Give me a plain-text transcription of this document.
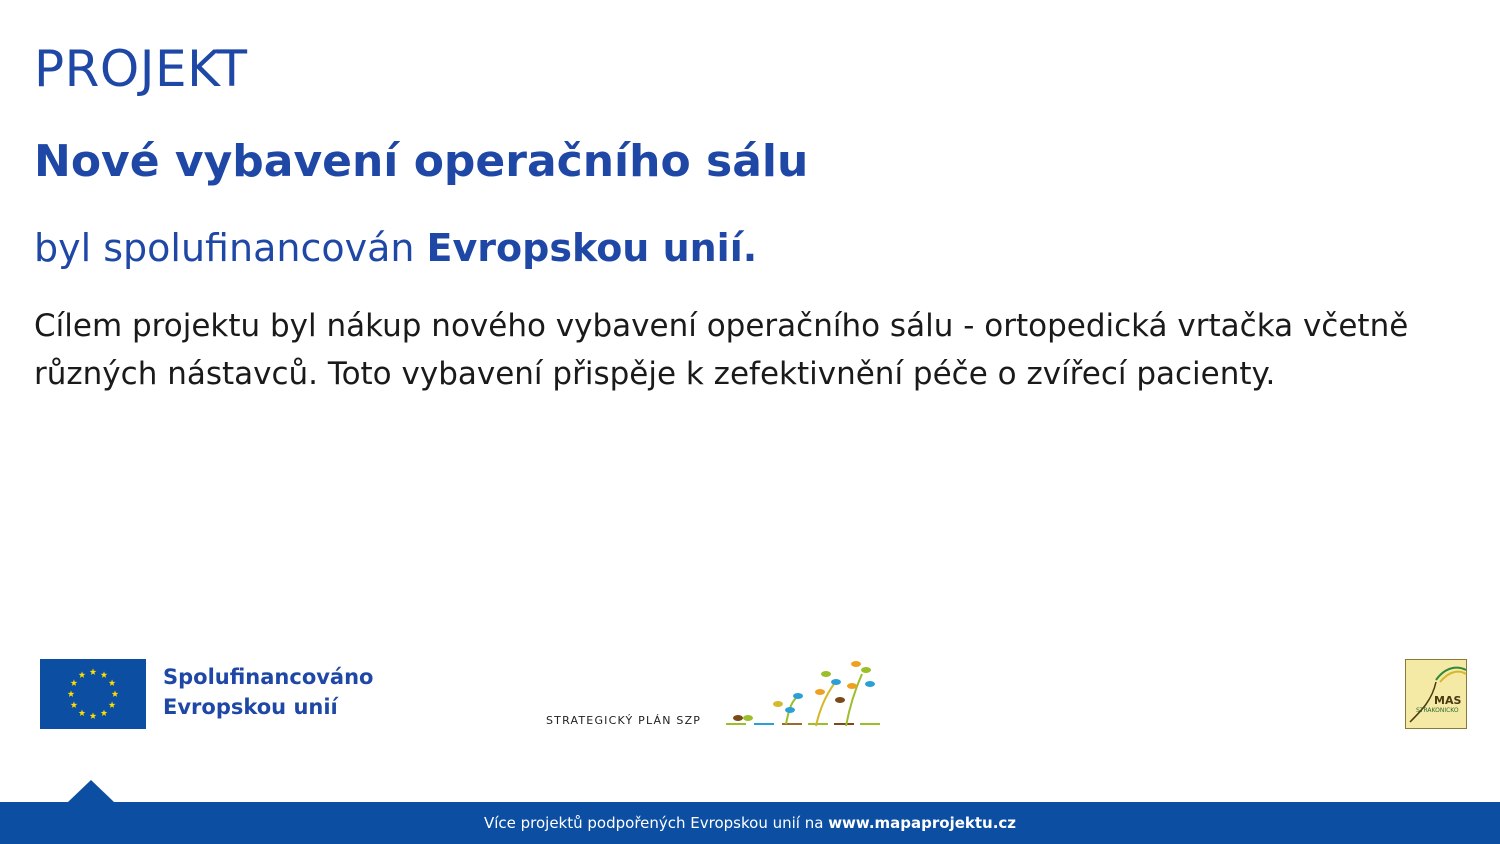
PROJEKT
Nové vybavení operačního sálu
byl spolufinancován Evropskou unií.
Cílem projektu byl nákup nového vybavení operačního sálu - ortopedická vrtačka včetně různých nástavců. Toto vybavení přispěje k zefektivnění péče o zvířecí pacienty.
Spolufinancováno
Evropskou unií
STRATEGICKÝ PLÁN SZP
MAS
STRAKONICKO
Více projektů podpořených Evropskou unií na www.mapaprojektu.cz
